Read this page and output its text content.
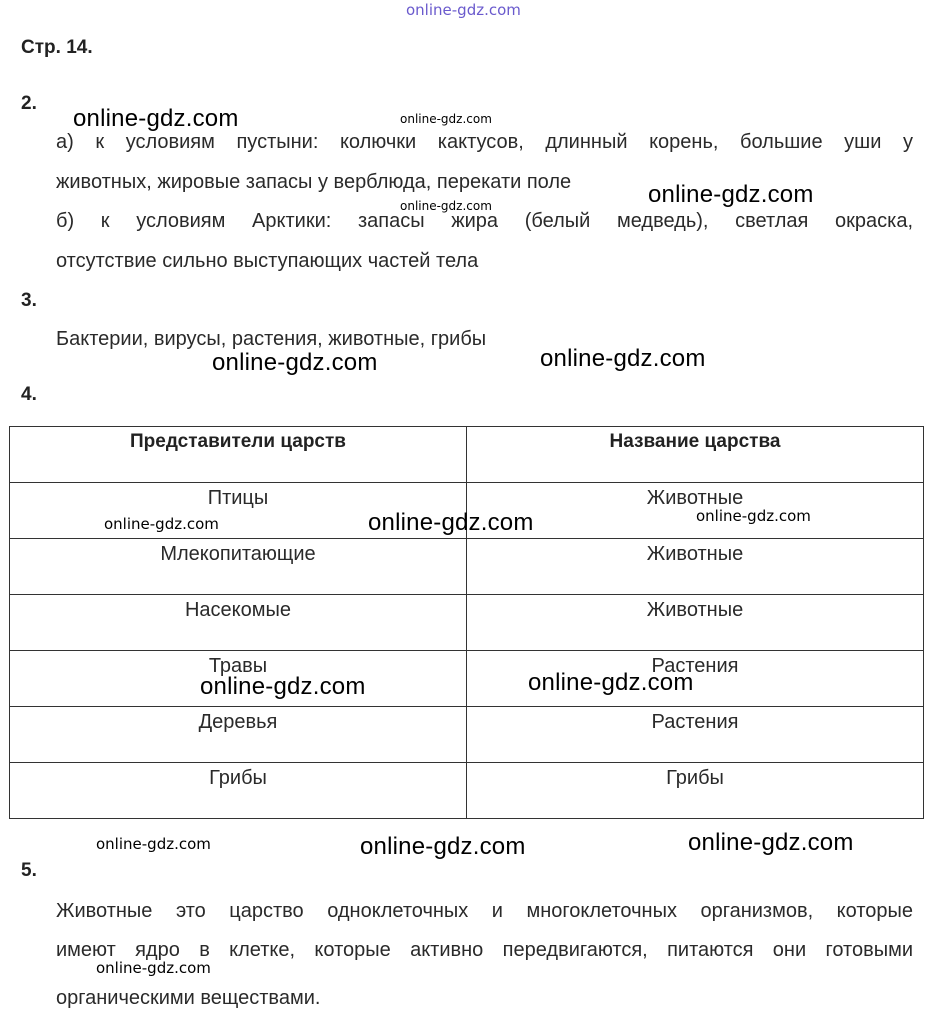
online-gdz.com
Стр. 14.
2.
а) к условиям пустыни: колючки кактусов, длинный корень, большие уши у
животных, жировые запасы у верблюда, перекати поле
б) к условиям Арктики: запасы жира (белый медведь), светлая окраска,
отсутствие сильно выступающих частей тела
3.
Бактерии, вирусы, растения, животные, грибы
4.
Представители царств	Название царства
Птицы	Животные
Млекопитающие	Животные
Насекомые	Животные
Травы	Растения
Деревья	Растения
Грибы	Грибы
5.
Животные это царство одноклеточных и многоклеточных организмов, которые
имеют ядро в клетке, которые активно передвигаются, питаются они готовыми
органическими веществами.
online-gdz.com	online-gdz.com
online-gdz.com
online-gdz.com
online-gdz.com
online-gdz.com
online-gdz.com	online-gdz.com	online-gdz.com
online-gdz.com
online-gdz.com
online-gdz.com	online-gdz.com	online-gdz.com
online-gdz.com
